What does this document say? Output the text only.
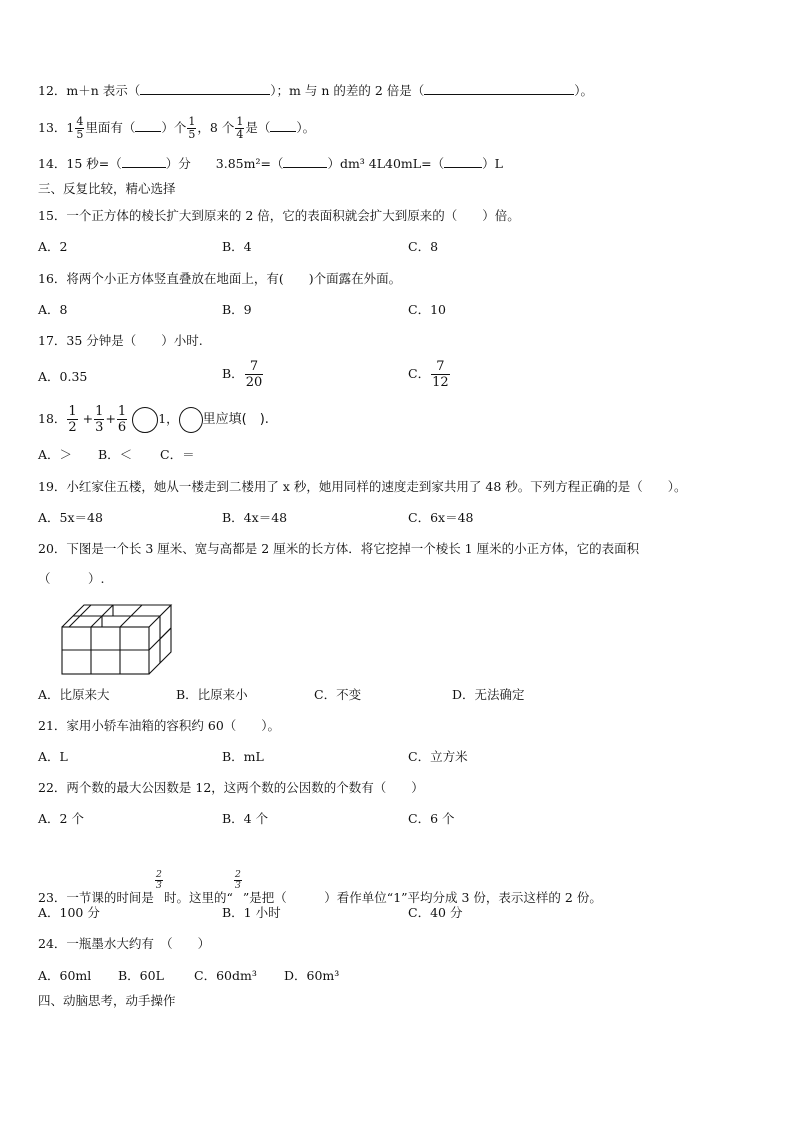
12．m＋n 表示（	）；m 与 n 的差的 2 倍是（	）。
13．$1 \frac{4}{5}$ 里面有（ ）个 $\frac{1}{5}$ ，8 个 $\frac{1}{4}$ 是（ ）。
14．15 秒=（	）分　　3.85m²=（	）dm³ 4L40mL=（	）L
三、反复比较，精心选择
15．一个正方体的棱长扩大到原来的 2 倍，它的表面积就会扩大到原来的（　　）倍。
A．2	B．4	C．8
16．将两个小正方体竖直叠放在地面上，有(　　)个面露在外面。
A．8	B．9	C．10
17．35 分钟是（　　）小时.
A．0.35	B． $\frac{7}{20}$	C． $\frac{7}{12}$
18． $\frac{1}{2} + \frac{1}{3} + \frac{1}{6} 1$， 里应填(　).
A．＞ B．＜ C．＝
19．小红家住五楼，她从一楼走到二楼用了 x 秒，她用同样的速度走到家共用了 48 秒。下列方程正确的是（　　）。
A．5x＝48	B．4x＝48	C．6x＝48
20．下图是一个长 3 厘米、宽与高都是 2 厘米的长方体．将它挖掉一个棱长 1 厘米的小正方体，它的表面积
（　　　）.
A．比原来大	B．比原来小	C．不变	D．无法确定
21．家用小轿车油箱的容积约 60（　　）。
A．L	B．mL	C．立方米
22．两个数的最大公因数是 12，这两个数的公因数的个数有（　　）
A．2 个	B．4 个	C．6 个
23．一节课的时间是
$\frac{2}{3}$
时。这里的“
$\frac{2}{3}$
”是把（　　　）看作单位“1”平均分成 3 份，表示这样的 2 份。
A．100 分	B．1 小时	C．40 分
24．一瓶墨水大约有　（　　）
A．60ml B．60L C．60dm³ D．60m³
四、动脑思考，动手操作
